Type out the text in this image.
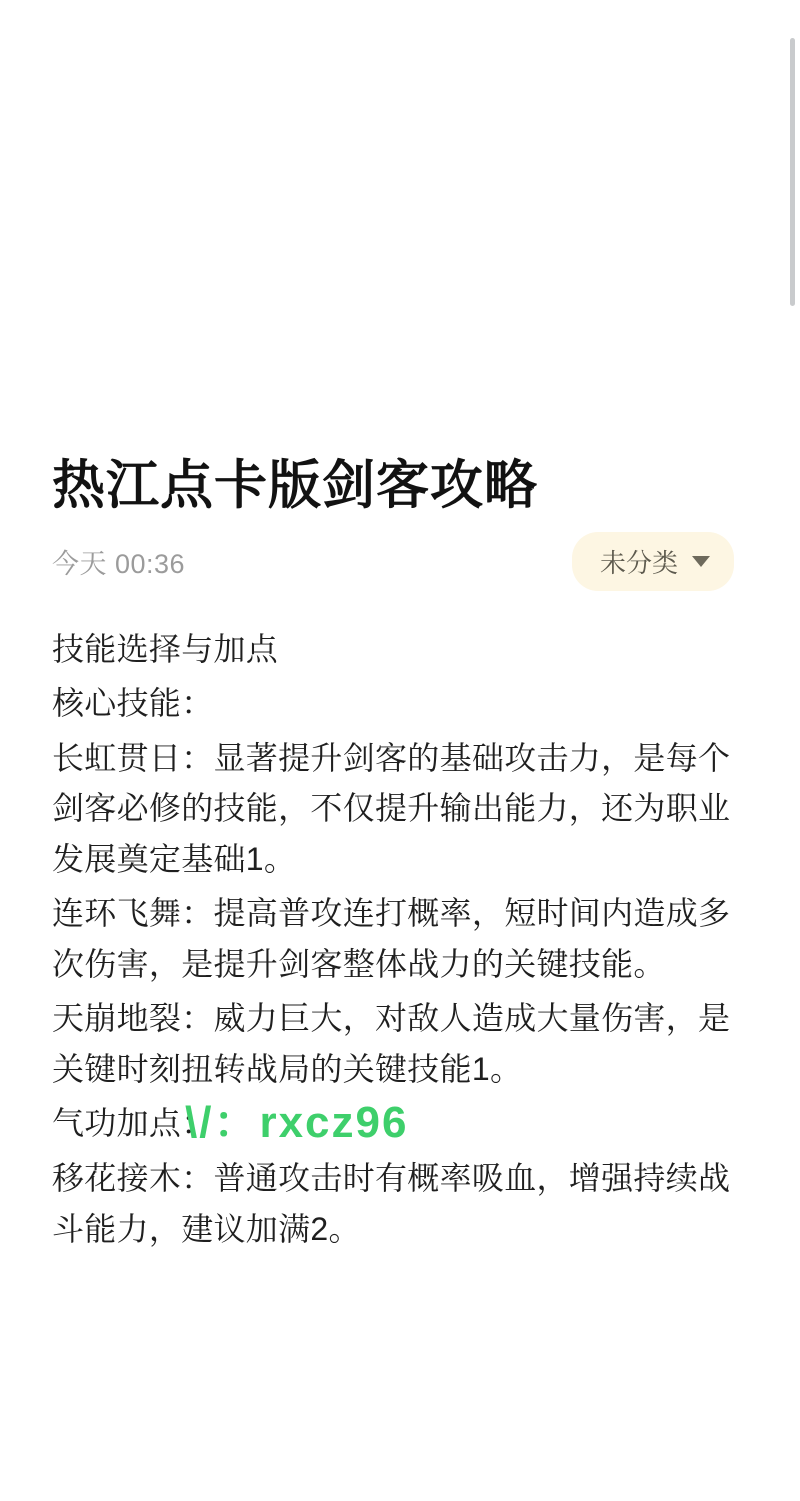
热江点卡版剑客攻略
今天 00:36	未分类

技能选择与加点

核心技能：

长虹贯日：显著提升剑客的基础攻击力，是每个剑客必修的技能，不仅提升输出能力，还为职业发展奠定基础1。

连环飞舞：提高普攻连打概率，短时间内造成多次伤害，是提升剑客整体战力的关键技能。

天崩地裂：威力巨大，对敌人造成大量伤害，是关键时刻扭转战局的关键技能1。

气功加点：

移花接木：普通攻击时有概率吸血，增强持续战斗能力，建议加满2。

\/：rxcz96
